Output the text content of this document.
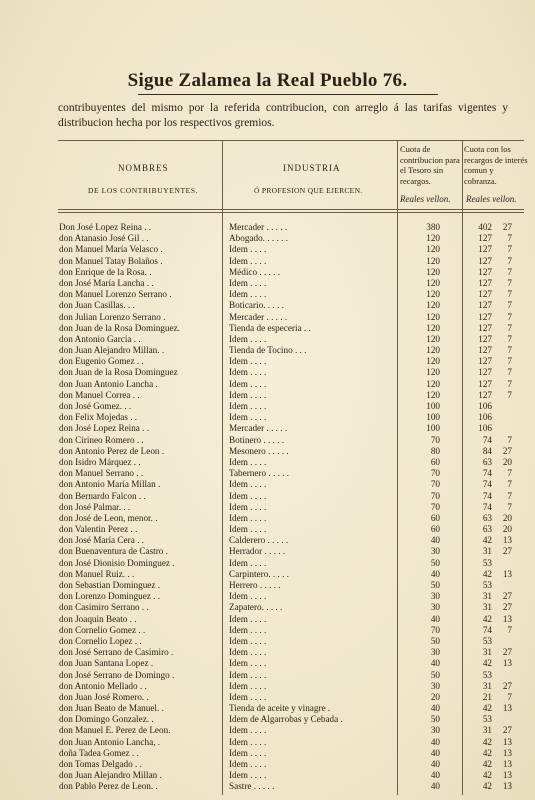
Sigue Zalamea la Real Pueblo 76.
contribuyentes del mismo por la referida contribucion, con arreglo á las tarifas vigentes y distribucion hecha por los respectivos gremios.
NOMBRES
DE LOS CONTRIBUYENTES.
INDUSTRIA
Ó PROFESION QUE EJERCEN.
Cuota de contribucion para el Tesoro sin recargos.
Reales vellon.
Cuota con los recargos de interés comun y cobranza.
Reales vellon.
Don José Lopez Reina . .	Mercader . . . . .	380	402	27
don Atanasio José Gil . .	Abogado. . . . . .	120	127	7
don Manuel María Velasco .	Idem . . . .	120	127	7
don Manuel Tatay Bolaños .	Idem . . . .	120	127	7
don Enrique de la Rosa. .	Médico . . . . .	120	127	7
don José María Lancha . .	Idem . . . .	120	127	7
don Manuel Lorenzo Serrano .	Idem . . . .	120	127	7
don Juan Casillas. . .	Boticario. . . . .	120	127	7
don Julian Lorenzo Serrano .	Mercader . . . . .	120	127	7
don Juan de la Rosa Dominguez.	Tienda de especeria . .	120	127	7
don Antonio Garcia . .	Idem . . . .	120	127	7
don Juan Alejandro Millan. .	Tienda de Tocino . . .	120	127	7
don Eugenio Gomez . .	Idem . . . .	120	127	7
don Juan de la Rosa Dominguez	Idem . . . .	120	127	7
don Juan Antonio Lancha .	Idem . . . .	120	127	7
don Manuel Correa . .	Idem . . . .	120	127	7
don José Gomez. . .	Idem . . . .	100	106
don Felix Mojedas . .	Idem . . . .	100	106
don José Lopez Reina . .	Mercader . . . . .	100	106
don Cirineo Romero . .	Botinero . . . . .	70	74	7
don Antonio Perez de Leon .	Mesonero . . . . .	80	84	27
don Isidro Márquez . .	Idem . . . .	60	63	20
don Manuel Serrano . .	Tabernero . . . . .	70	74	7
don Antonio María Millan .	Idem . . . .	70	74	7
don Bernardo Falcon . .	Idem . . . .	70	74	7
don José Palmar. . .	Idem . . . .	70	74	7
don José de Leon, menor. .	Idem . . . .	60	63	20
don Valentin Perez . .	Idem . . . .	60	63	20
don José María Cera . .	Calderero . . . . .	40	42	13
don Buenaventura de Castro .	Herrador . . . . .	30	31	27
don José Dionisio Dominguez .	Idem . . . .	50	53
don Manuel Ruiz. . .	Carpintero. . . . .	40	42	13
don Sebastian Dominguez .	Herrero . . . . .	50	53
don Lorenzo Dominguez . .	Idem . . . .	30	31	27
don Casimiro Serrano . .	Zapatero. . . . .	30	31	27
don Joaquin Beato . .	Idem . . . .	40	42	13
don Cornelio Gomez . .	Idem . . . .	70	74	7
don Cornelio Lopez . .	Idem . . . .	50	53
don José Serrano de Casimiro .	Idem . . . .	30	31	27
don Juan Santana Lopez .	Idem . . . .	40	42	13
don José Serrano de Domingo .	Idem . . . .	50	53
don Antonio Mellado . .	Idem . . . .	30	31	27
don Juan José Romero. .	Idem . . . .	20	21	7
don Juan Beato de Manuel. .	Tienda de aceite y vinagre .	40	42	13
don Domingo Gonzalez. .	Idem de Algarrobas y Cebada .	50	53
don Manuel E. Perez de Leon.	Idem . . . .	30	31	27
don Juan Antonio Lancha, .	Idem . . . .	40	42	13
doña Tadea Gomez . .	Idem . . . .	40	42	13
don Tomas Delgado . .	Idem . . . .	40	42	13
don Juan Alejandro Millan .	Idem . . . .	40	42	13
don Pablo Perez de Leon. .	Sastre . . . . .	40	42	13
